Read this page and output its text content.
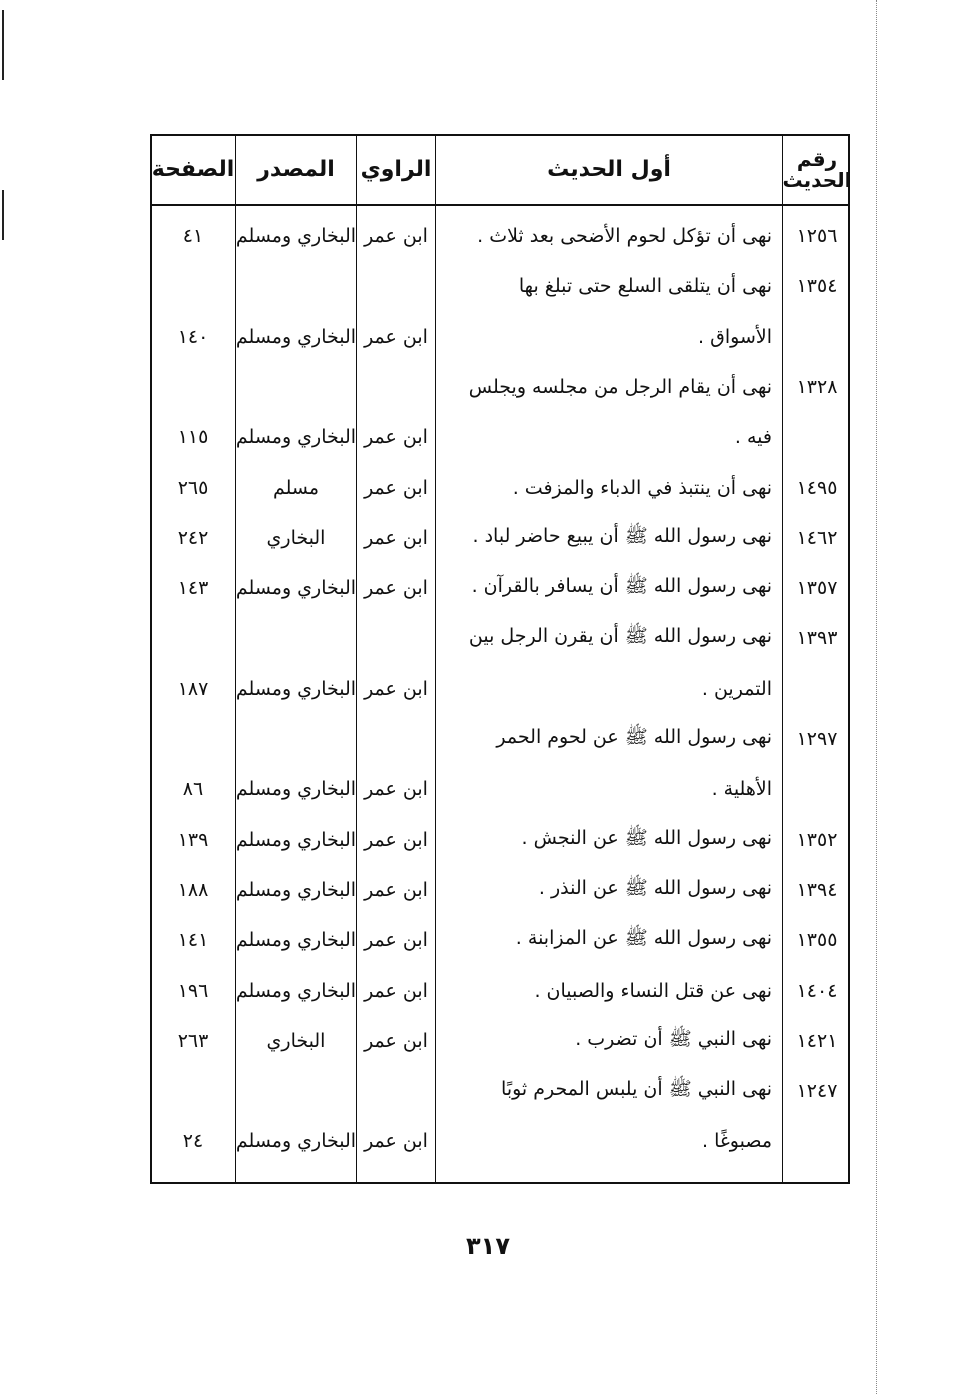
رقم الحديث
أول الحديث
الراوي
المصدر
الصفحة
١٢٥٦
نهى أن تؤكل لحوم الأضحى بعد ثلاث .
ابن عمر
البخاري ومسلم
٤١
١٣٥٤
نهى أن يتلقى السلع حتى تبلغ بها
الأسواق .
ابن عمر
البخاري ومسلم
١٤٠
١٣٢٨
نهى أن يقام الرجل من مجلسه ويجلس
فيه .
ابن عمر
البخاري ومسلم
١١٥
١٤٩٥
نهى أن ينتبذ في الدباء والمزفت .
ابن عمر
مسلم
٢٦٥
١٤٦٢
نهى رسول الله ﷺ أن يبيع حاضر لباد .
ابن عمر
البخاري
٢٤٢
١٣٥٧
نهى رسول الله ﷺ أن يسافر بالقرآن .
ابن عمر
البخاري ومسلم
١٤٣
١٣٩٣
نهى رسول الله ﷺ أن يقرن الرجل بين
التمرين .
ابن عمر
البخاري ومسلم
١٨٧
١٢٩٧
نهى رسول الله ﷺ عن لحوم الحمر
الأهلية .
ابن عمر
البخاري ومسلم
٨٦
١٣٥٢
نهى رسول الله ﷺ عن النجش .
ابن عمر
البخاري ومسلم
١٣٩
١٣٩٤
نهى رسول الله ﷺ عن النذر .
ابن عمر
البخاري ومسلم
١٨٨
١٣٥٥
نهى رسول الله ﷺ عن المزابنة .
ابن عمر
البخاري ومسلم
١٤١
١٤٠٤
نهى عن قتل النساء والصبيان .
ابن عمر
البخاري ومسلم
١٩٦
١٤٢١
نهى النبي ﷺ أن تضرب .
ابن عمر
البخاري
٢٦٣
١٢٤٧
نهى النبي ﷺ أن يلبس المحرم ثوبًا
مصبوغًا .
ابن عمر
البخاري ومسلم
٢٤
٣١٧
